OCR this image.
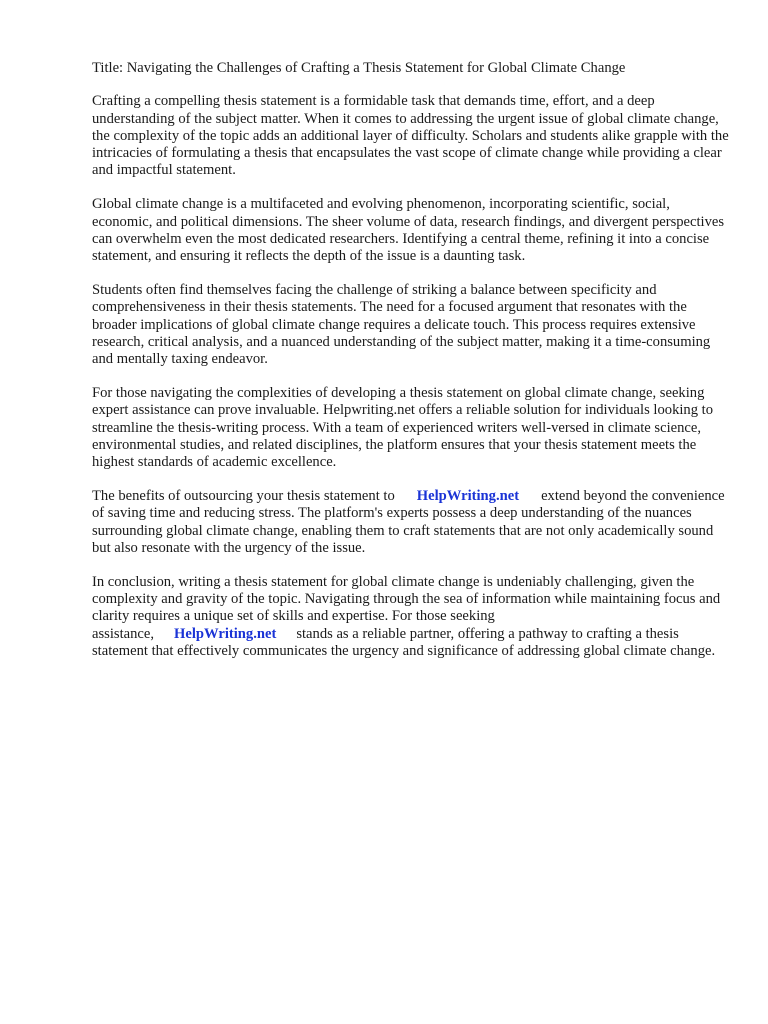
Title: Navigating the Challenges of Crafting a Thesis Statement for Global Climate Change

Crafting a compelling thesis statement is a formidable task that demands time, effort, and a deep understanding of the subject matter. When it comes to addressing the urgent issue of global climate change, the complexity of the topic adds an additional layer of difficulty. Scholars and students alike grapple with the intricacies of formulating a thesis that encapsulates the vast scope of climate change while providing a clear and impactful statement.

Global climate change is a multifaceted and evolving phenomenon, incorporating scientific, social, economic, and political dimensions. The sheer volume of data, research findings, and divergent perspectives can overwhelm even the most dedicated researchers. Identifying a central theme, refining it into a concise statement, and ensuring it reflects the depth of the issue is a daunting task.

Students often find themselves facing the challenge of striking a balance between specificity and comprehensiveness in their thesis statements. The need for a focused argument that resonates with the broader implications of global climate change requires a delicate touch. This process requires extensive research, critical analysis, and a nuanced understanding of the subject matter, making it a time-consuming and mentally taxing endeavor.

For those navigating the complexities of developing a thesis statement on global climate change, seeking expert assistance can prove invaluable. Helpwriting.net offers a reliable solution for individuals looking to streamline the thesis-writing process. With a team of experienced writers well-versed in climate science, environmental studies, and related disciplines, the platform ensures that your thesis statement meets the highest standards of academic excellence.

The benefits of outsourcing your thesis statement to HelpWriting.net extend beyond the convenience of saving time and reducing stress. The platform's experts possess a deep understanding of the nuances surrounding global climate change, enabling them to craft statements that are not only academically sound but also resonate with the urgency of the issue.

In conclusion, writing a thesis statement for global climate change is undeniably challenging, given the complexity and gravity of the topic. Navigating through the sea of information while maintaining focus and clarity requires a unique set of skills and expertise. For those seeking assistance, HelpWriting.net stands as a reliable partner, offering a pathway to crafting a thesis statement that effectively communicates the urgency and significance of addressing global climate change.
